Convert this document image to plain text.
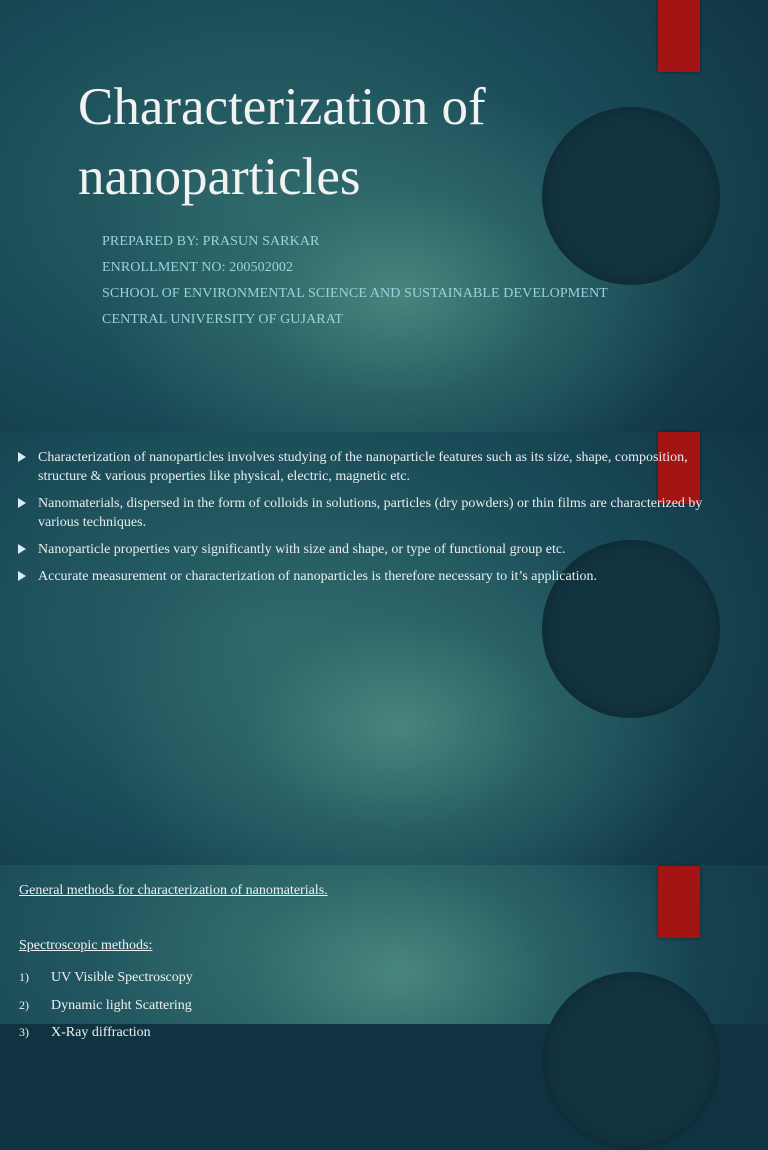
Characterization of
nanoparticles
PREPARED BY: PRASUN SARKAR
ENROLLMENT NO: 200502002
SCHOOL OF ENVIRONMENTAL SCIENCE AND SUSTAINABLE DEVELOPMENT
CENTRAL UNIVERSITY OF GUJARAT
Characterization of nanoparticles involves studying of the nanoparticle features such as its size, shape, composition, structure & various properties like physical, electric, magnetic etc.
Nanomaterials, dispersed in the form of colloids in solutions, particles (dry powders) or thin films are characterized by various techniques.
Nanoparticle properties vary significantly with size and shape, or type of functional group etc.
Accurate measurement or characterization of nanoparticles is therefore necessary to it’s application.
General methods for characterization of nanomaterials.
Spectroscopic methods:
1) UV Visible Spectroscopy
2) Dynamic light Scattering
3) X-Ray diffraction
